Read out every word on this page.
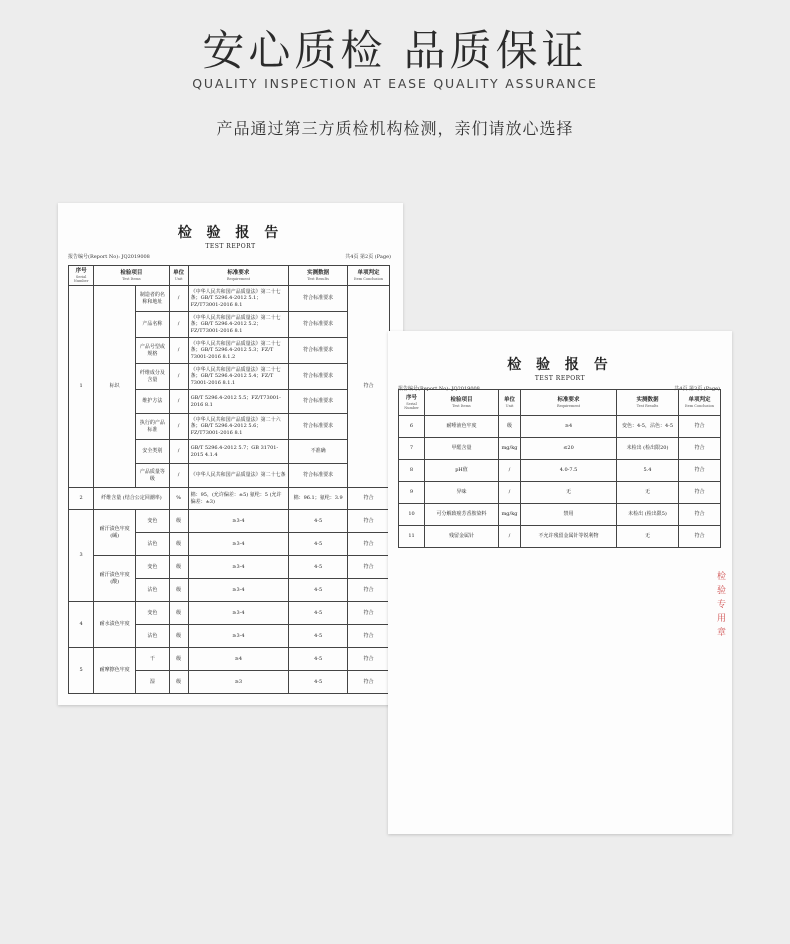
安心质检 品质保证
QUALITY INSPECTION AT EASE QUALITY ASSURANCE
产品通过第三方质检机构检测，亲们请放心选择
检 验 报 告
TEST REPORT
报告编号(Report No): JQ2019008	共4页 第2页 (Page)
序号
Serial Number	检验项目
Test Items		单位
Unit	标准要求
Requirement	实测数据
Test Results	单项判定
Item Conclusion

1	标识	制造者的名称和地址	/	《中华人民共和国产品质量法》第二十七条；GB/T 5296.4-2012 5.1；FZ/T73001-2016 8.1	符合标准要求	符合
		产品名称	/	《中华人民共和国产品质量法》第二十七条；GB/T 5296.4-2012 5.2；FZ/T73001-2016 8.1	符合标准要求	
		产品号型或规格	/	《中华人民共和国产品质量法》第二十七条；GB/T 5296.4-2012 5.3；FZ/T 73001-2016 8.1.2	符合标准要求	
		纤维成分及含量	/	《中华人民共和国产品质量法》第二十七条；GB/T 5296.4-2012 5.4；FZ/T 73001-2016 8.1.1	符合标准要求	
		维护方法	/	GB/T 5296.4-2012 5.5；FZ/T73001-2016 8.1	符合标准要求	
		执行的产品标准	/	《中华人民共和国产品质量法》第二十六条；GB/T 5296.4-2012 5.6；FZ/T73001-2016 8.1	符合标准要求	
		安全类别	/	GB/T 5296.4-2012 5.7；GB 31701-2015 4.1.4	不准确	
		产品质量等级	/	《中华人民共和国产品质量法》第二十七条	符合标准要求	
2	纤维含量 (结合公定回潮率)		%	棉：95，(允许偏差：±5) 氨纶：5 (允许偏差：±3)	棉：96.1；氨纶：3.9	符合
3	耐汗渍色牢度 (碱)	变色	级	≥3-4	4-5	符合
		沾色	级	≥3-4	4-5	符合
	耐汗渍色牢度 (酸)	变色	级	≥3-4	4-5	符合
		沾色	级	≥3-4	4-5	符合
4	耐水渍色牢度	变色	级	≥3-4	4-5	符合
		沾色	级	≥3-4	4-5	符合
5	耐摩擦色牢度	干	级	≥4	4-5	符合
		湿	级	≥3	4-5	符合
检 验 报 告
TEST REPORT
报告编号(Report No): JQ2019008	共4页 第3页 (Page)
序号
Serial Number	检验项目
Test Items	单位
Unit	标准要求
Requirement	实测数据
Test Results	单项判定
Item Conclusion

6	耐唾液色牢度	级	≥4	变色：4-5，沾色：4-5	符合
7	甲醛含量	mg/kg	≤20	未检出 (检出限20)	符合
8	pH值	/	4.0-7.5	5.4	符合
9	异味	/	无	无	符合
10	可分解致癌芳香胺染料	mg/kg	禁用	未检出 (检出限5)	符合
11	残留金属针	/	不允许残留金属针等锐利物	无	符合
检验专用章
